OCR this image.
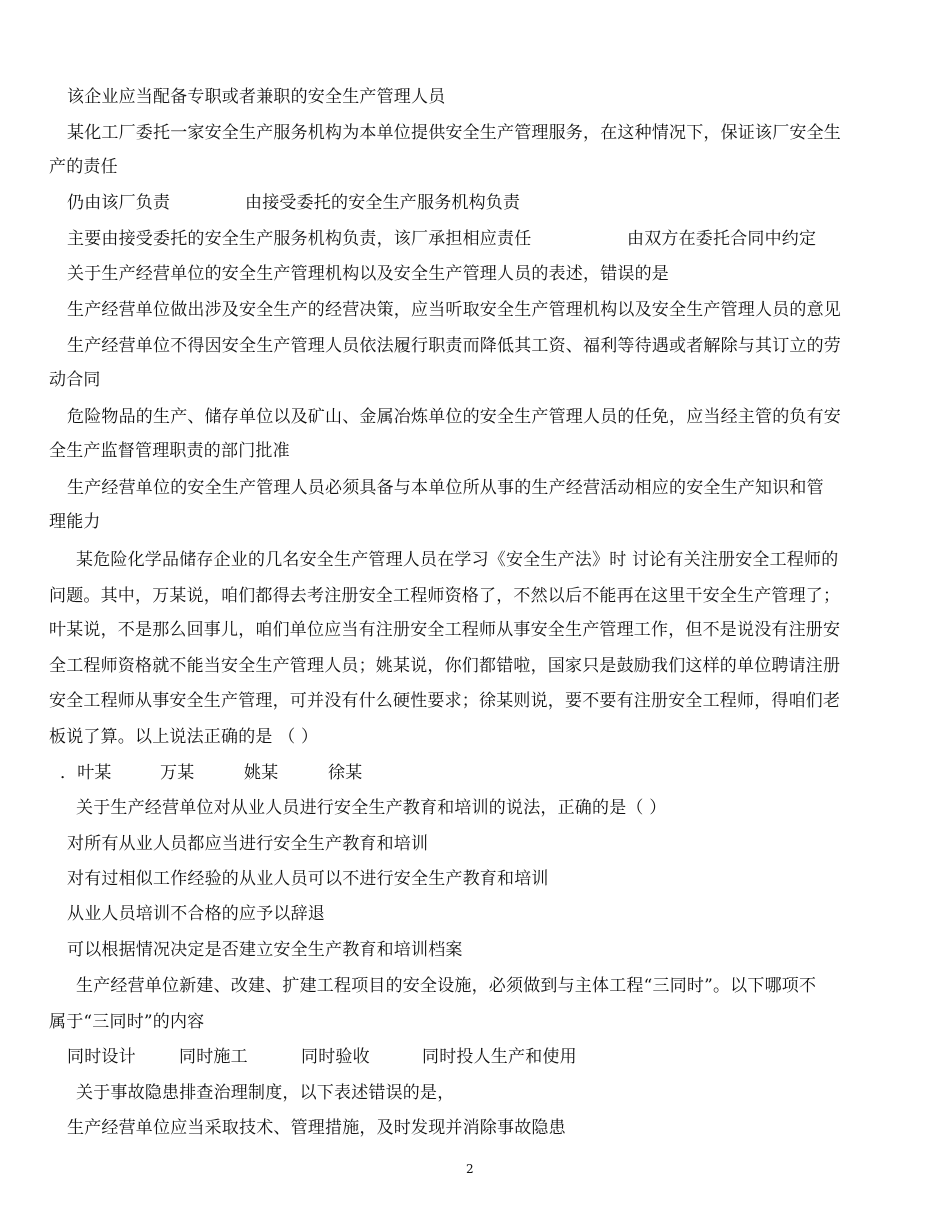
该企业应当配备专职或者兼职的安全生产管理人员
某化工厂委托一家安全生产服务机构为本单位提供安全生产管理服务，在这种情况下，保证该厂安全生
产的责任
仍由该厂负责	由接受委托的安全生产服务机构负责
主要由接受委托的安全生产服务机构负责，该厂承担相应责任	由双方在委托合同中约定
关于生产经营单位的安全生产管理机构以及安全生产管理人员的表述，错误的是
生产经营单位做出涉及安全生产的经营决策，应当听取安全生产管理机构以及安全生产管理人员的意见
生产经营单位不得因安全生产管理人员依法履行职责而降低其工资、福利等待遇或者解除与其订立的劳
动合同
危险物品的生产、储存单位以及矿山、金属冶炼单位的安全生产管理人员的任免，应当经主管的负有安
全生产监督管理职责的部门批准
生产经营单位的安全生产管理人员必须具备与本单位所从事的生产经营活动相应的安全生产知识和管
理能力
某危险化学品储存企业的几名安全生产管理人员在学习《安全生产法》时 讨论有关注册安全工程师的
问题。其中，万某说，咱们都得去考注册安全工程师资格了，不然以后不能再在这里干安全生产管理了；
叶某说，不是那么回事儿，咱们单位应当有注册安全工程师从事安全生产管理工作，但不是说没有注册安
全工程师资格就不能当安全生产管理人员；姚某说，你们都错啦，国家只是鼓励我们这样的单位聘请注册
安全工程师从事安全生产管理，可并没有什么硬性要求；徐某则说，要不要有注册安全工程师，得咱们老
板说了算。以上说法正确的是 （ ）
．叶某	万某	姚某	徐某
关于生产经营单位对从业人员进行安全生产教育和培训的说法，正确的是（ ）
对所有从业人员都应当进行安全生产教育和培训
对有过相似工作经验的从业人员可以不进行安全生产教育和培训
从业人员培训不合格的应予以辞退
可以根据情况决定是否建立安全生产教育和培训档案
生产经营单位新建、改建、扩建工程项目的安全设施，必须做到与主体工程“三同时”。以下哪项不
属于“三同时”的内容
同时设计	同时施工	同时验收	同时投人生产和使用
关于事故隐患排查治理制度，以下表述错误的是，
生产经营单位应当采取技术、管理措施，及时发现并消除事故隐患
2
